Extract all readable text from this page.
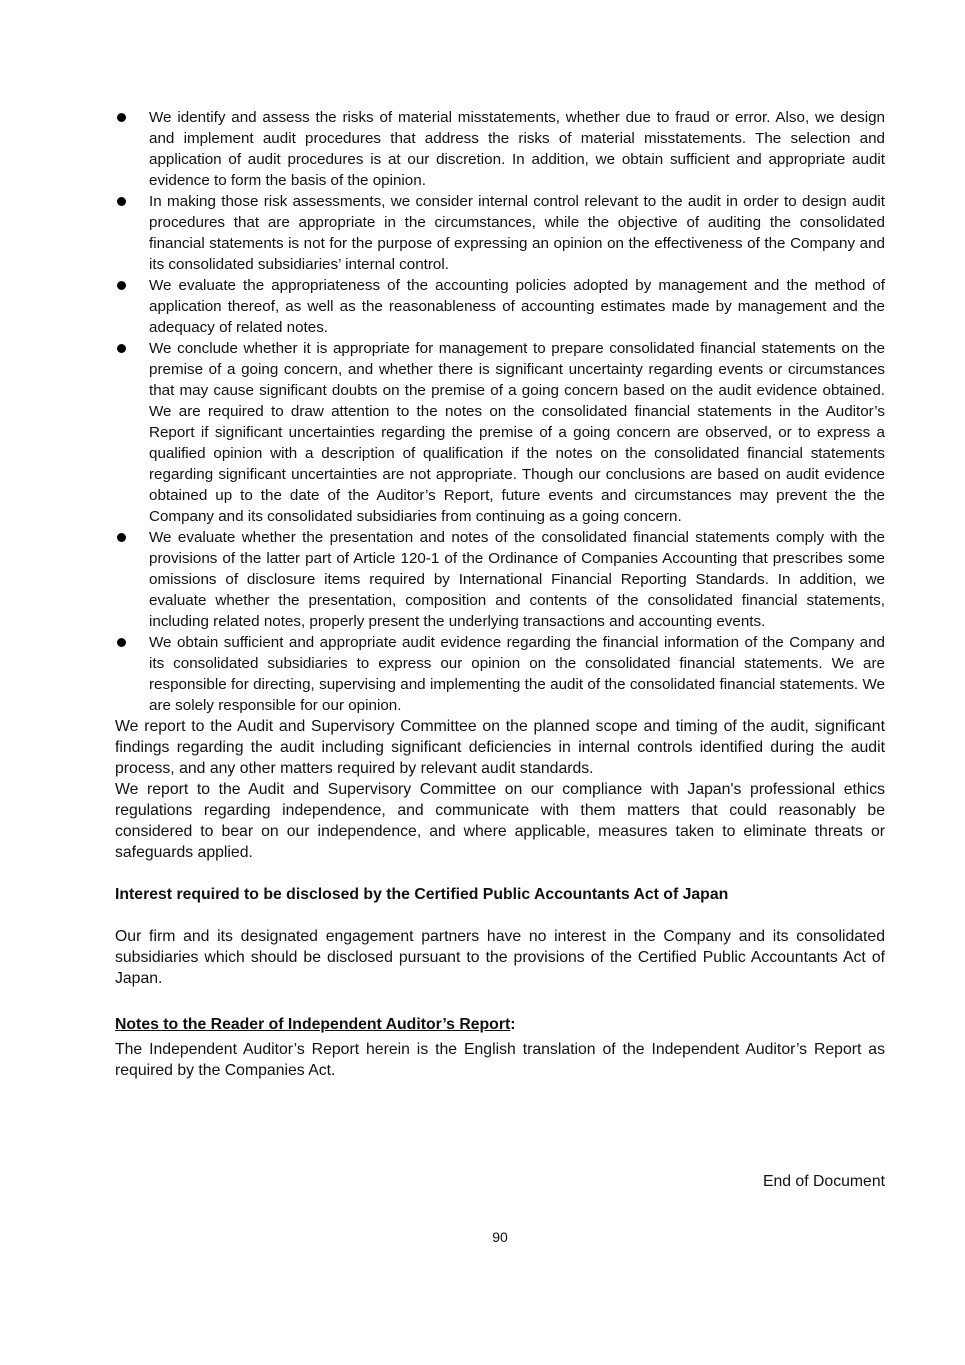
We identify and assess the risks of material misstatements, whether due to fraud or error. Also, we design and implement audit procedures that address the risks of material misstatements. The selection and application of audit procedures is at our discretion. In addition, we obtain sufficient and appropriate audit evidence to form the basis of the opinion.
In making those risk assessments, we consider internal control relevant to the audit in order to design audit procedures that are appropriate in the circumstances, while the objective of auditing the consolidated financial statements is not for the purpose of expressing an opinion on the effectiveness of the Company and its consolidated subsidiaries’ internal control.
We evaluate the appropriateness of the accounting policies adopted by management and the method of application thereof, as well as the reasonableness of accounting estimates made by management and the adequacy of related notes.
We conclude whether it is appropriate for management to prepare consolidated financial statements on the premise of a going concern, and whether there is significant uncertainty regarding events or circumstances that may cause significant doubts on the premise of a going concern based on the audit evidence obtained. We are required to draw attention to the notes on the consolidated financial statements in the Auditor’s Report if significant uncertainties regarding the premise of a going concern are observed, or to express a qualified opinion with a description of qualification if the notes on the consolidated financial statements regarding significant uncertainties are not appropriate. Though our conclusions are based on audit evidence obtained up to the date of the Auditor’s Report, future events and circumstances may prevent the the Company and its consolidated subsidiaries from continuing as a going concern.
We evaluate whether the presentation and notes of the consolidated financial statements comply with the provisions of the latter part of Article 120-1 of the Ordinance of Companies Accounting that prescribes some omissions of disclosure items required by International Financial Reporting Standards. In addition, we evaluate whether the presentation, composition and contents of the consolidated financial statements, including related notes, properly present the underlying transactions and accounting events.
We obtain sufficient and appropriate audit evidence regarding the financial information of the Company and its consolidated subsidiaries to express our opinion on the consolidated financial statements. We are responsible for directing, supervising and implementing the audit of the consolidated financial statements. We are solely responsible for our opinion.

We report to the Audit and Supervisory Committee on the planned scope and timing of the audit, significant findings regarding the audit including significant deficiencies in internal controls identified during the audit process, and any other matters required by relevant audit standards.

We report to the Audit and Supervisory Committee on our compliance with Japan's professional ethics regulations regarding independence, and communicate with them matters that could reasonably be considered to bear on our independence, and where applicable, measures taken to eliminate threats or safeguards applied.

Interest required to be disclosed by the Certified Public Accountants Act of Japan

Our firm and its designated engagement partners have no interest in the Company and its consolidated subsidiaries which should be disclosed pursuant to the provisions of the Certified Public Accountants Act of Japan.

Notes to the Reader of Independent Auditor’s Report:

The Independent Auditor’s Report herein is the English translation of the Independent Auditor’s Report as required by the Companies Act.

End of Document
90
